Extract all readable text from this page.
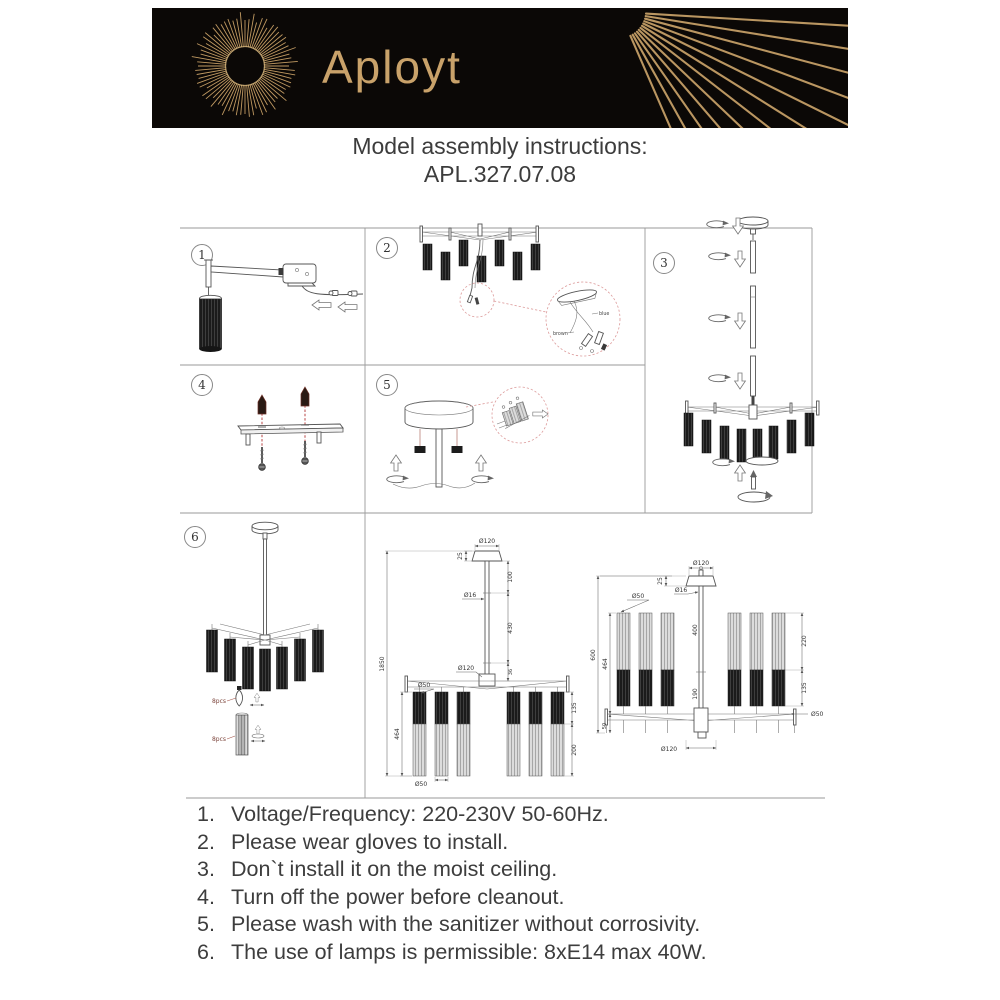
Aployt
Model assembly instructions:
APL.327.07.08
1	2
blue
brown
3
4	5
6
8pcs
8pcs
Ø120
25
100
430
36
Ø16
Ø120
Ø50
464
1850
135
200
Ø50
Ø120
25
Ø50
Ø16
400
190
220
135
Ø50
600
464
50
Ø120
1. Voltage/Frequency: 220-230V 50-60Hz.
2. Please wear gloves to install.
3. Don`t install it on the moist ceiling.
4. Turn off the power before cleanout.
5. Please wash with the sanitizer without corrosivity.
6. The use of lamps is permissible: 8xE14 max 40W.
